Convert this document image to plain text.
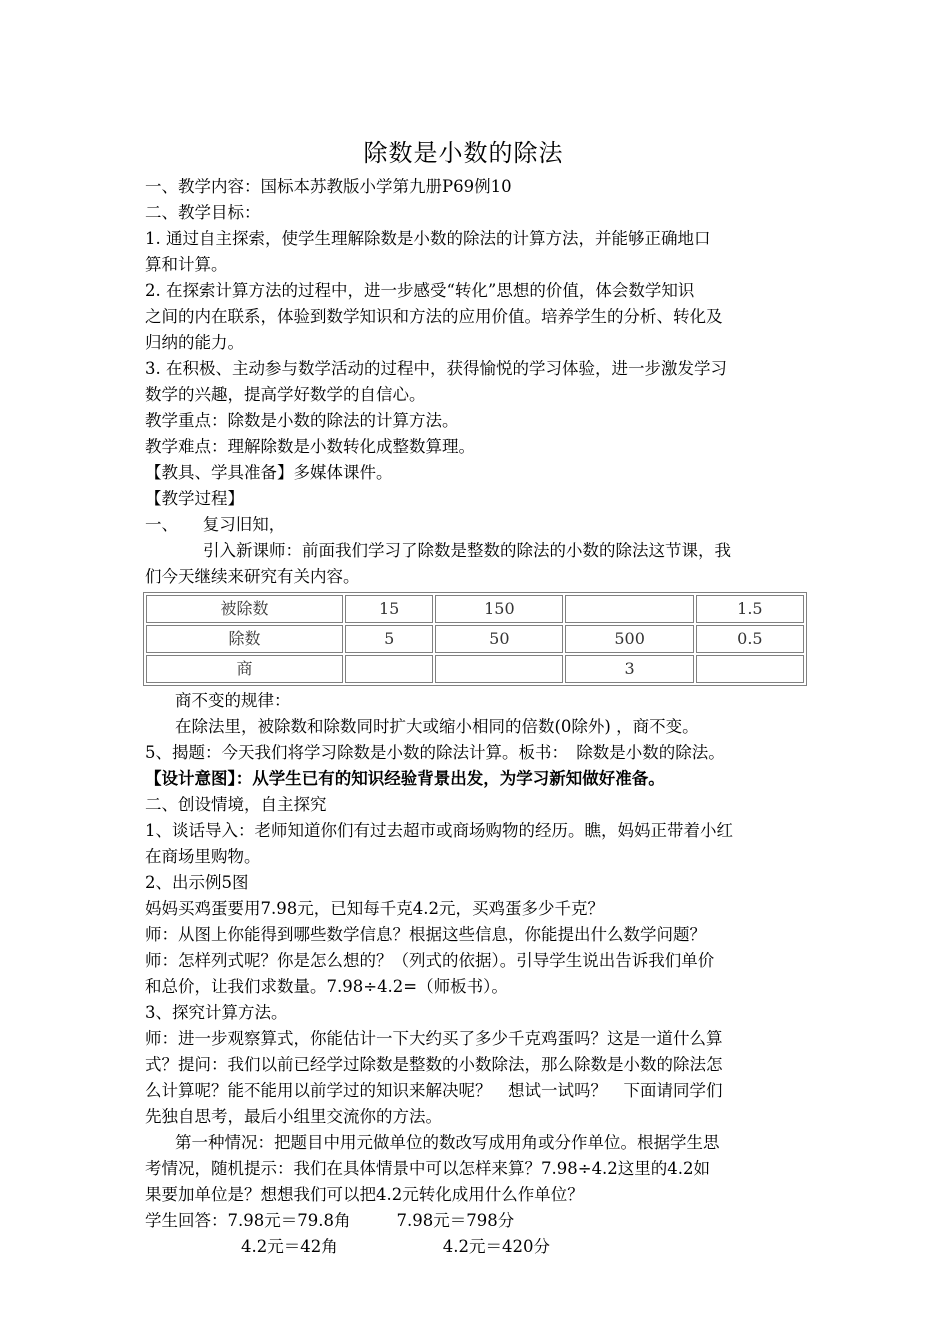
除数是小数的除法

一、教学内容：国标本苏教版小学第九册P69例10

二、教学目标：

1. 通过自主探索，使学生理解除数是小数的除法的计算方法，并能够正确地口

算和计算。

2. 在探索计算方法的过程中，进一步感受“转化”思想的价值，体会数学知识

之间的内在联系，体验到数学知识和方法的应用价值。培养学生的分析、转化及

归纳的能力。

3. 在积极、主动参与数学活动的过程中，获得愉悦的学习体验，进一步激发学习

数学的兴趣，提高学好数学的自信心。

教学重点：除数是小数的除法的计算方法。

教学难点：理解除数是小数转化成整数算理。

【教具、学具准备】多媒体课件。

【教学过程】

一、　　复习旧知，

引入新课师：前面我们学习了除数是整数的除法的小数的除法这节课，我

们今天继续来研究有关内容。

被除数	15	150		1.5
除数	5	50	500	0.5
商			3	

商不变的规律：

在除法里，被除数和除数同时扩大或缩小相同的倍数(0除外) ，商不变。

5、揭题：今天我们将学习除数是小数的除法计算。板书：　除数是小数的除法。

【设计意图】：从学生已有的知识经验背景出发，为学习新知做好准备。

二、创设情境，自主探究

1、谈话导入：老师知道你们有过去超市或商场购物的经历。瞧，妈妈正带着小红

在商场里购物。

2、出示例5图

妈妈买鸡蛋要用7.98元，已知每千克4.2元，买鸡蛋多少千克？

师：从图上你能得到哪些数学信息？根据这些信息，你能提出什么数学问题？

师：怎样列式呢？你是怎么想的？（列式的依据）。引导学生说出告诉我们单价

和总价，让我们求数量。7.98÷4.2=（师板书）。

3、探究计算方法。

师：进一步观察算式，你能估计一下大约买了多少千克鸡蛋吗？这是一道什么算

式？提问：我们以前已经学过除数是整数的小数除法，那么除数是小数的除法怎

么计算呢？能不能用以前学过的知识来解决呢？　想试一试吗？　下面请同学们

先独自思考，最后小组里交流你的方法。

第一种情况：把题目中用元做单位的数改写成用角或分作单位。根据学生思

考情况，随机提示：我们在具体情景中可以怎样来算？7.98÷4.2这里的4.2如

果要加单位是？想想我们可以把4.2元转化成用什么作单位？

学生回答：7.98元＝79.8角	7.98元＝798分

4.2元＝42角	4.2元＝420分
